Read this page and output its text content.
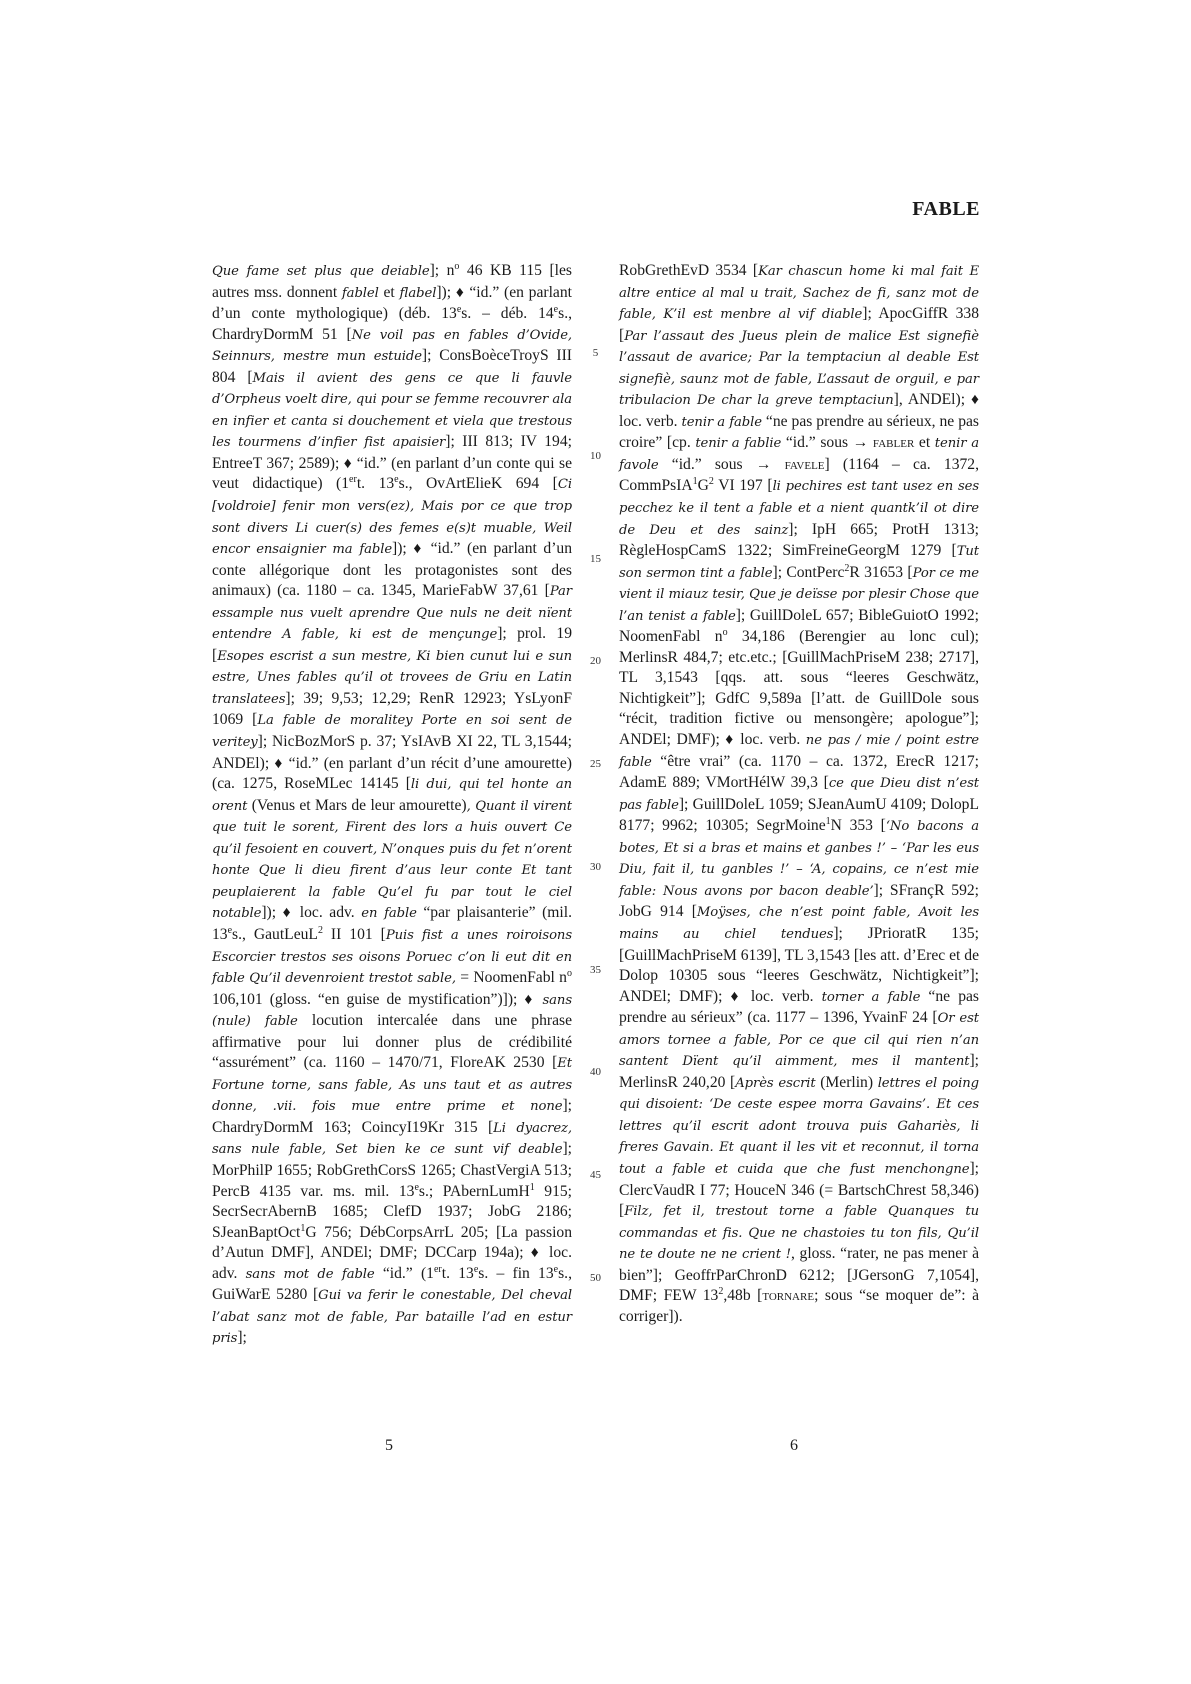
FABLE

Que fame set plus que deiable]; $n^o$ 46 KB 115 [les autres mss. donnent fablel et flabel]); ♦ “id.” (en parlant d’un conte mythologique) (déb. 13es. – déb. 14es., ChardryDormM 51 [Ne voil pas en fables d’Ovide, Seinnurs, mestre mun estuide]; ConsBoèceTroyS III 804 [Mais il avient des gens ce que li fauvle d’Orpheus voelt dire, qui pour se femme recouvrer ala en infier et canta si douchement et viela que trestous les tourmens d’infier fist apaisier]; III 813; IV 194; EntreeT 367; 2589); ♦ “id.” (en parlant d’un conte qui se veut didactique) (1ert. 13es., OvArtElieK 694 [Ci [voldroie] fenir mon vers(ez), Mais por ce que trop sont divers Li cuer(s) des femes e(s)t muable, Weil encor ensaignier ma fable]); ♦ “id.” (en parlant d’un conte allégorique dont les protagonistes sont des animaux) (ca. 1180 – ca. 1345, MarieFabW 37,61 [Par essample nus vuelt aprendre Que nuls ne deit nïent entendre A fable, ki est de mençunge]; prol. 19 [Esopes escrist a sun mestre, Ki bien cunut lui e sun estre, Unes fables qu’il ot trovees de Griu en Latin translatees]; 39; 9,53; 12,29; RenR 12923; YsLyonF 1069 [La fable de moralitey Porte en soi sent de veritey]; NicBozMorS p. 37; YsIAvB XI 22, TL 3,1544; ANDEl); ♦ “id.” (en parlant d’un récit d’une amourette) (ca. 1275, RoseMLec 14145 [li dui, qui tel honte an orent (Venus et Mars de leur amourette), Quant il virent que tuit le sorent, Firent des lors a huis ouvert Ce qu’il fesoient en couvert, N’onques puis du fet n’orent honte Que li dieu firent d’aus leur conte Et tant peuplaierent la fable Qu’el fu par tout le ciel notable]); ♦ loc. adv. en fable “par plaisanterie” (mil. 13es., GautLeuL$^2$ II 101 [Puis fist a unes roiroisons Escorcier trestos ses oisons Poruec c’on li eut dit en fable Qu’il devenroient trestot sable, = NoomenFabl $n^o$ 106,101 (gloss. “en guise de mystification”)]); ♦ sans (nule) fable locution intercalée dans une phrase affirmative pour lui donner plus de crédibilité “assurément” (ca. 1160 – 1470/71, FloreAK 2530 [Et Fortune torne, sans fable, As uns taut et as autres donne, .vii. fois mue entre prime et none]; ChardryDormM 163; CoincyI19Kr 315 [Li dyacrez, sans nule fable, Set bien ke ce sunt vif deable]; MorPhilP 1655; RobGrethCorsS 1265; ChastVergiA 513; PercB 4135 var. ms. mil. 13es.; PAbernLumH$^1$ 915; SecrSecrAbernB 1685; ClefD 1937; JobG 2186; SJeanBaptOct$^1$G 756; DébCorpsArrL 205; [La passion d’Autun DMF], ANDEl; DMF; DCCarp 194a); ♦ loc. adv. sans mot de fable “id.” (1ert. 13es. – fin 13es., GuiWarE 5280 [Gui va ferir le conestable, Del cheval l’abat sanz mot de fable, Par bataille l’ad en estur pris];

5
10
15
20
25
30
35
40
45
50

RobGrethEvD 3534 [Kar chascun home ki mal fait E altre entice al mal u trait, Sachez de fi, sanz mot de fable, K’il est menbre al vif diable]; ApocGiffR 338 [Par l’assaut des Jueus plein de malice Est signefiè l’assaut de avarice; Par la temptaciun al deable Est signefiè, saunz mot de fable, L’assaut de orguil, e par tribulacion De char la greve temptaciun], ANDEl); ♦ loc. verb. tenir a fable “ne pas prendre au sérieux, ne pas croire” [cp. tenir a fablie “id.” sous → fabler et tenir a favole “id.” sous → favele] (1164 – ca. 1372, $CommPsIA^1G^2$ VI 197 [li pechires est tant usez en ses pecchez ke il tent a fable et a nient quantk’il ot dire de Deu et des sainz]; IpH 665; ProtH 1313; RègleHospCamS 1322; SimFreineGeorgM 1279 [Tut son sermon tint a fable]; ContPerc$^2$R 31653 [Por ce me vient il miauz tesir, Que je deïsse por plesir Chose que l’an tenist a fable]; GuillDoleL 657; BibleGuiotO 1992; NoomenFabl $n^o$ 34,186 (Berengier au lonc cul); MerlinsR 484,7; etc.etc.; [GuillMachPriseM 238; 2717], TL 3,1543 [qqs. att. sous “leeres Geschwätz, Nichtigkeit”]; GdfC 9,589a [l’att. de GuillDole sous “récit, tradition fictive ou mensongère; apologue”]; ANDEl; DMF); ♦ loc. verb. ne pas / mie / point estre fable “être vrai” (ca. 1170 – ca. 1372, ErecR 1217; AdamE 889; VMortHélW 39,3 [ce que Dieu dist n’est pas fable]; GuillDoleL 1059; SJeanAumU 4109; DolopL 8177; 9962; 10305; SegrMoine$^1$N 353 [‘No bacons a botes, Et si a bras et mains et ganbes !’ – ‘Par les eus Diu, fait il, tu ganbles !’ – ‘A, copains, ce n’est mie fable: Nous avons por bacon deable’]; SFrançR 592; JobG 914 [Moÿses, che n’est point fable, Avoit les mains au chiel tendues]; JPrioratR 135; [GuillMachPriseM 6139], TL 3,1543 [les att. d’Erec et de Dolop 10305 sous “leeres Geschwätz, Nichtigkeit”]; ANDEl; DMF); ♦ loc. verb. torner a fable “ne pas prendre au sérieux” (ca. 1177 – 1396, YvainF 24 [Or est amors tornee a fable, Por ce que cil qui rien n’an santent Dïent qu’il aimment, mes il mantent]; MerlinsR 240,20 [Après escrit (Merlin) lettres el poing qui disoient: ‘De ceste espee morra Gavains’. Et ces lettres qu’il escrit adont trouva puis Gahariès, li freres Gavain. Et quant il les vit et reconnut, il torna tout a fable et cuida que che fust menchongne]; ClercVaudR I 77; HouceN 346 (= BartschChrest 58,346) [Filz, fet il, trestout torne a fable Quanques tu commandas et fis. Que ne chastoies tu ton fils, Qu’il ne te doute ne ne crient !, gloss. “rater, ne pas mener à bien”]; GeoffrParChronD 6212; [JGersonG 7,1054], DMF; FEW $13^2,48b$ [tornare; sous “se moquer de”: à corriger]).

5	6
